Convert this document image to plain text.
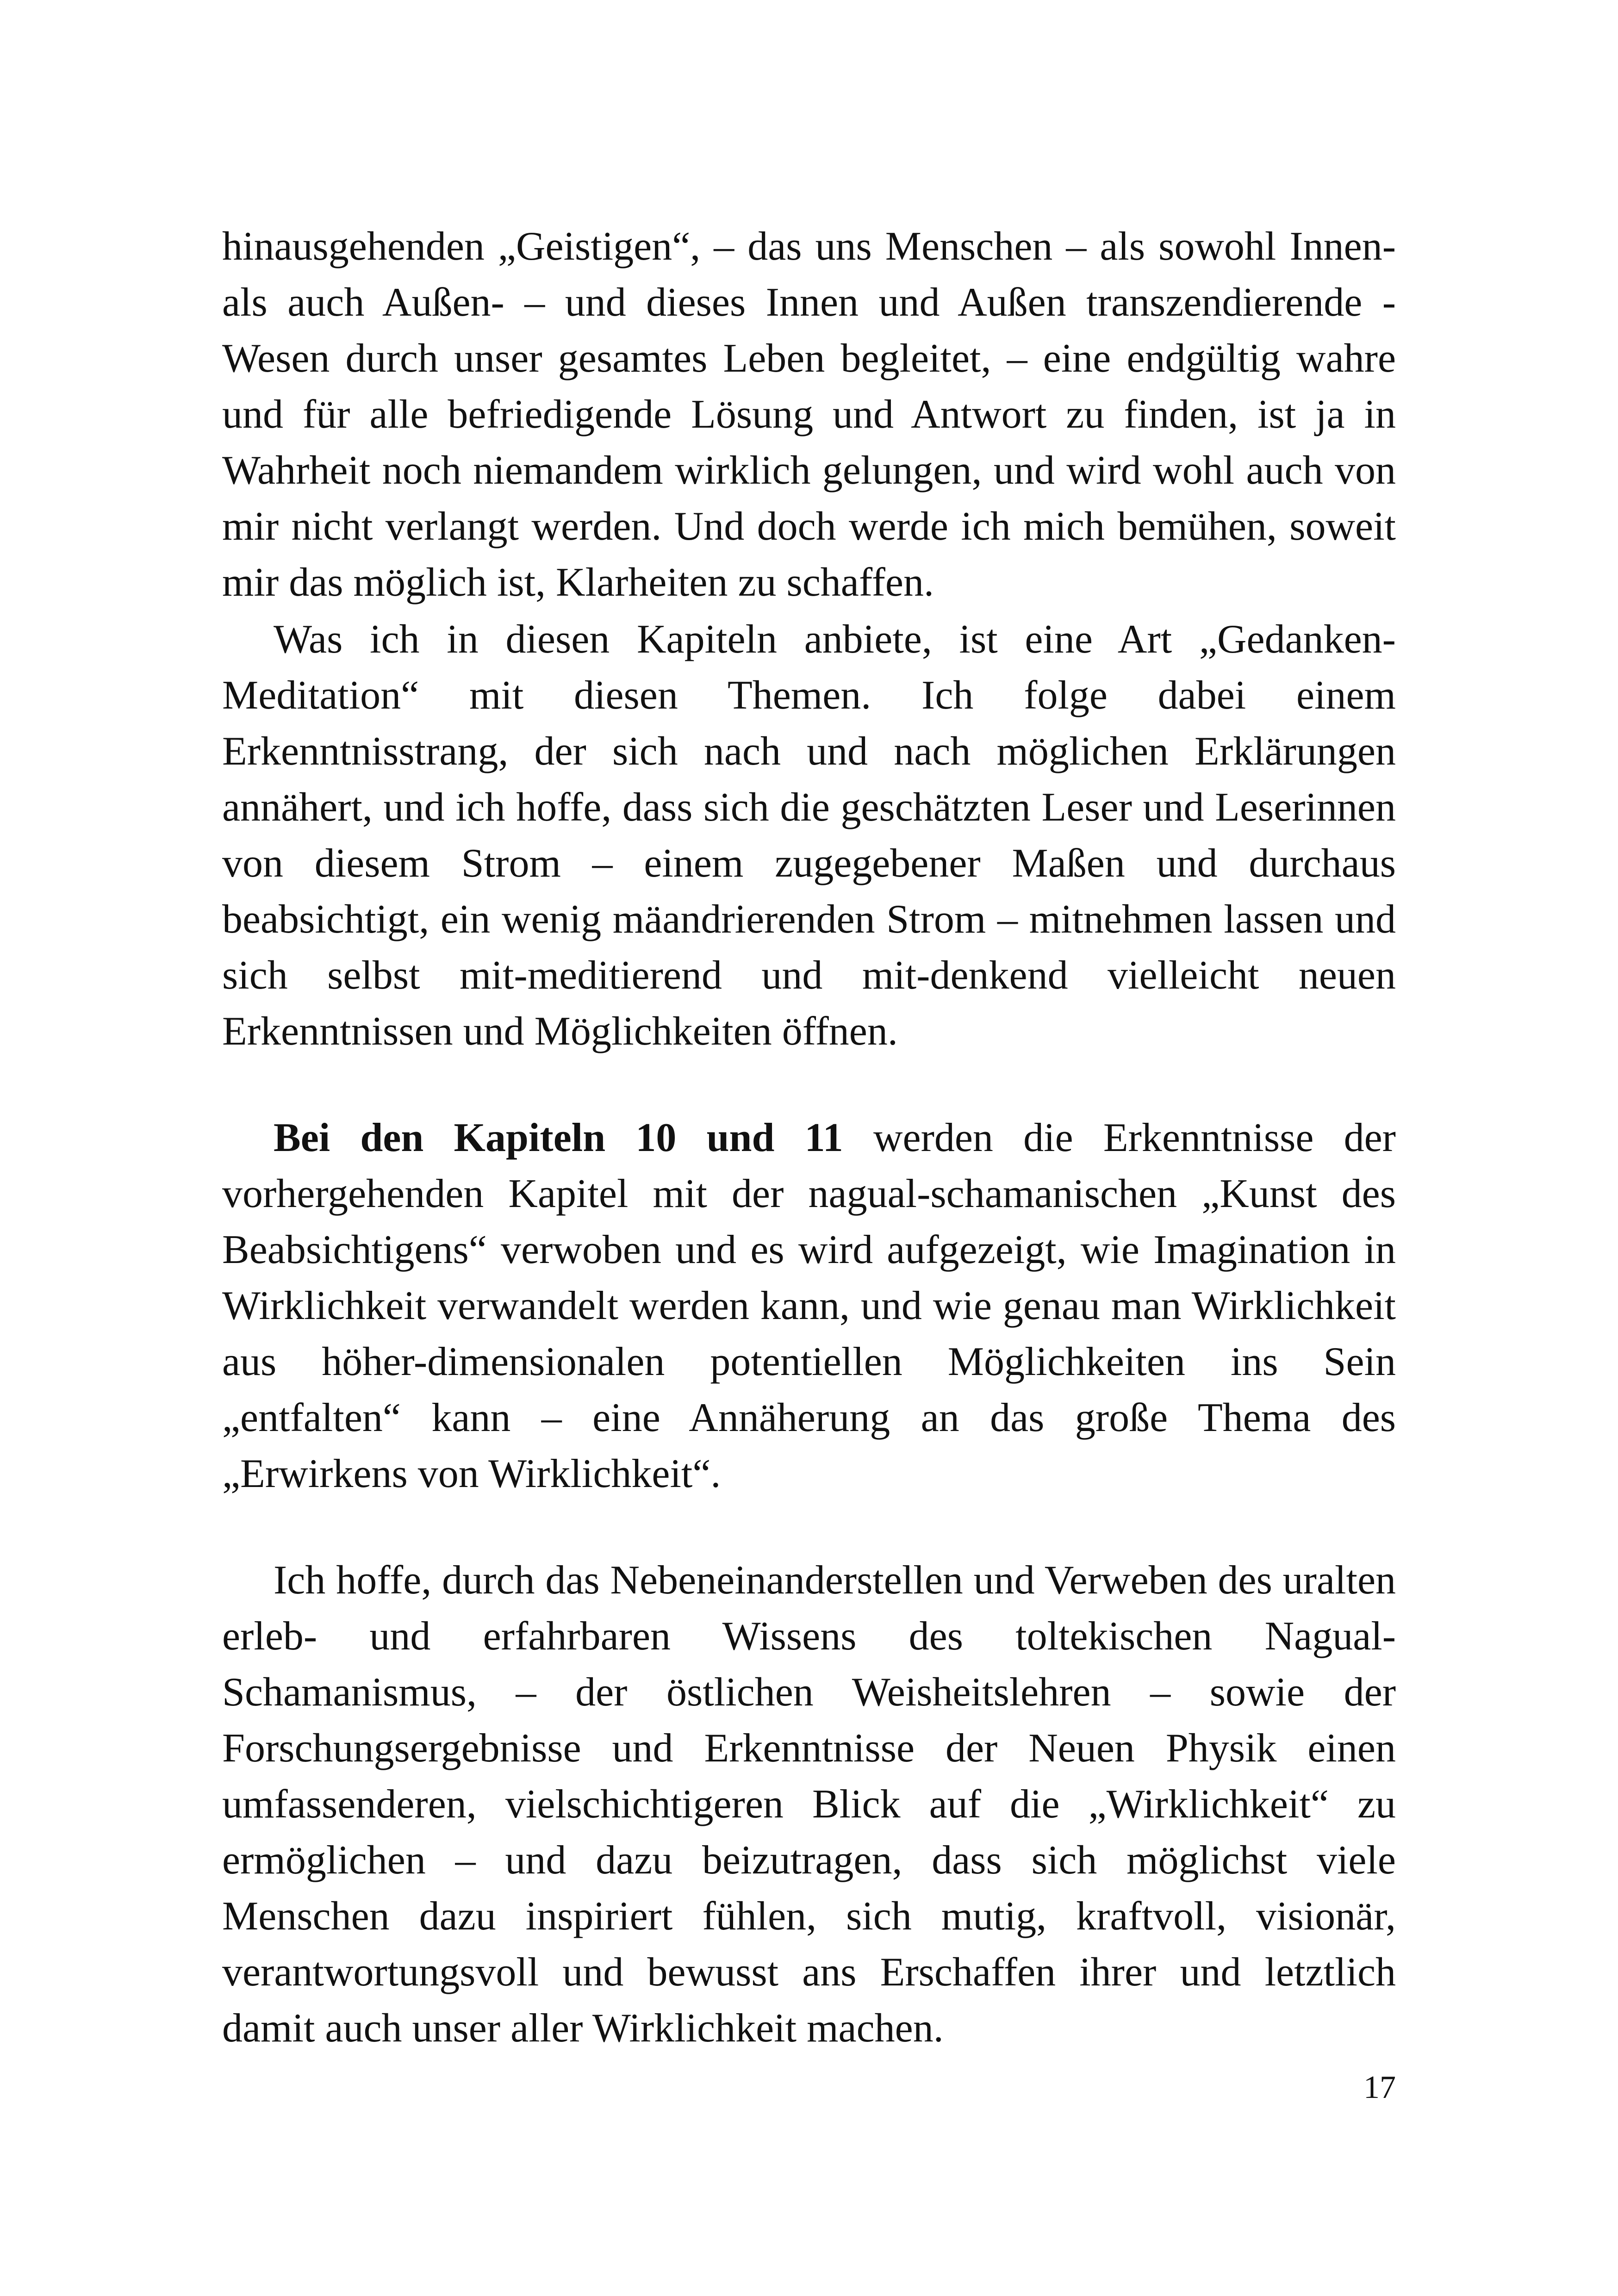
hinausgehenden „Geistigen“, – das uns Menschen – als sowohl Innen- als auch Außen- – und dieses Innen und Außen transzendierende -Wesen durch unser gesamtes Leben begleitet, – eine endgültig wahre und für alle befriedigende Lösung und Antwort zu finden, ist ja in Wahrheit noch niemandem wirklich gelungen, und wird wohl auch von mir nicht verlangt werden. Und doch werde ich mich bemühen, soweit mir das möglich ist, Klarheiten zu schaffen.

Was ich in diesen Kapiteln anbiete, ist eine Art „Gedanken-Meditation“ mit diesen Themen. Ich folge dabei einem Erkenntnisstrang, der sich nach und nach möglichen Erklärungen annähert, und ich hoffe, dass sich die geschätzten Leser und Leserinnen von diesem Strom – einem zugegebener Maßen und durchaus beabsichtigt, ein wenig mäandrierenden Strom – mitnehmen lassen und sich selbst mit-meditierend und mit-denkend vielleicht neuen Erkenntnissen und Möglichkeiten öffnen.

Bei den Kapiteln 10 und 11 werden die Erkenntnisse der vorhergehenden Kapitel mit der nagual-schamanischen „Kunst des Beabsichtigens“ verwoben und es wird aufgezeigt, wie Imagination in Wirklichkeit verwandelt werden kann, und wie genau man Wirklichkeit aus höher-dimensionalen potentiellen Möglichkeiten ins Sein „entfalten“ kann – eine Annäherung an das große Thema des „Erwirkens von Wirklichkeit“.

Ich hoffe, durch das Nebeneinanderstellen und Verweben des uralten erleb- und erfahrbaren Wissens des toltekischen Nagual-Schamanismus, – der östlichen Weisheitslehren – sowie der Forschungsergebnisse und Erkenntnisse der Neuen Physik einen umfassenderen, vielschichtigeren Blick auf die „Wirklichkeit“ zu ermöglichen – und dazu beizutragen, dass sich möglichst viele Menschen dazu inspiriert fühlen, sich mutig, kraftvoll, visionär, verantwortungsvoll und bewusst ans Erschaffen ihrer und letztlich damit auch unser aller Wirklichkeit machen.

17
